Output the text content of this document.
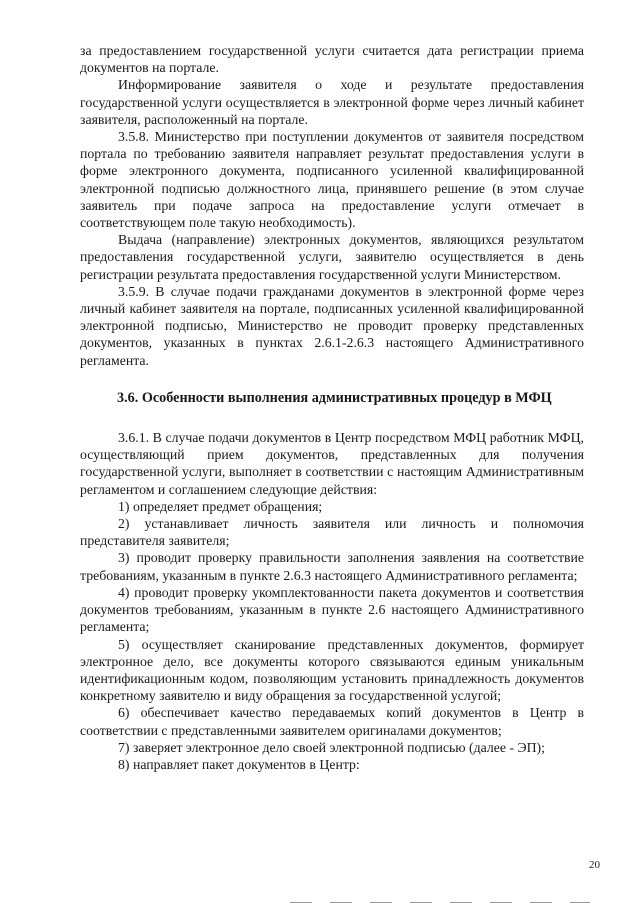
за предоставлением государственной услуги считается дата регистрации приема документов на портале.

Информирование заявителя о ходе и результате предоставления государственной услуги осуществляется в электронной форме через личный кабинет заявителя, расположенный на портале.

3.5.8. Министерство при поступлении документов от заявителя посредством портала по требованию заявителя направляет результат предоставления услуги в форме электронного документа, подписанного усиленной квалифицированной электронной подписью должностного лица, принявшего решение (в этом случае заявитель при подаче запроса на предоставление услуги отмечает в соответствующем поле такую необходимость).

Выдача (направление) электронных документов, являющихся результатом предоставления государственной услуги, заявителю осуществляется в день регистрации результата предоставления государственной услуги Министерством.

3.5.9. В случае подачи гражданами документов в электронной форме через личный кабинет заявителя на портале, подписанных усиленной квалифицированной электронной подписью, Министерство не проводит проверку представленных документов, указанных в пунктах 2.6.1-2.6.3 настоящего Административного регламента.

3.6. Особенности выполнения административных процедур в МФЦ

3.6.1. В случае подачи документов в Центр посредством МФЦ работник МФЦ, осуществляющий прием документов, представленных для получения государственной услуги, выполняет в соответствии с настоящим Административным регламентом и соглашением следующие действия:

1) определяет предмет обращения;

2) устанавливает личность заявителя или личность и полномочия представителя заявителя;

3) проводит проверку правильности заполнения заявления на соответствие требованиям, указанным в пункте 2.6.3 настоящего Административного регламента;

4) проводит проверку укомплектованности пакета документов и соответствия документов требованиям, указанным в пункте 2.6 настоящего Административного регламента;

5) осуществляет сканирование представленных документов, формирует электронное дело, все документы которого связываются единым уникальным идентификационным кодом, позволяющим установить принадлежность документов конкретному заявителю и виду обращения за государственной услугой;

6) обеспечивает качество передаваемых копий документов в Центр в соответствии с представленными заявителем оригиналами документов;

7) заверяет электронное дело своей электронной подписью (далее - ЭП);

8) направляет пакет документов в Центр:

20
